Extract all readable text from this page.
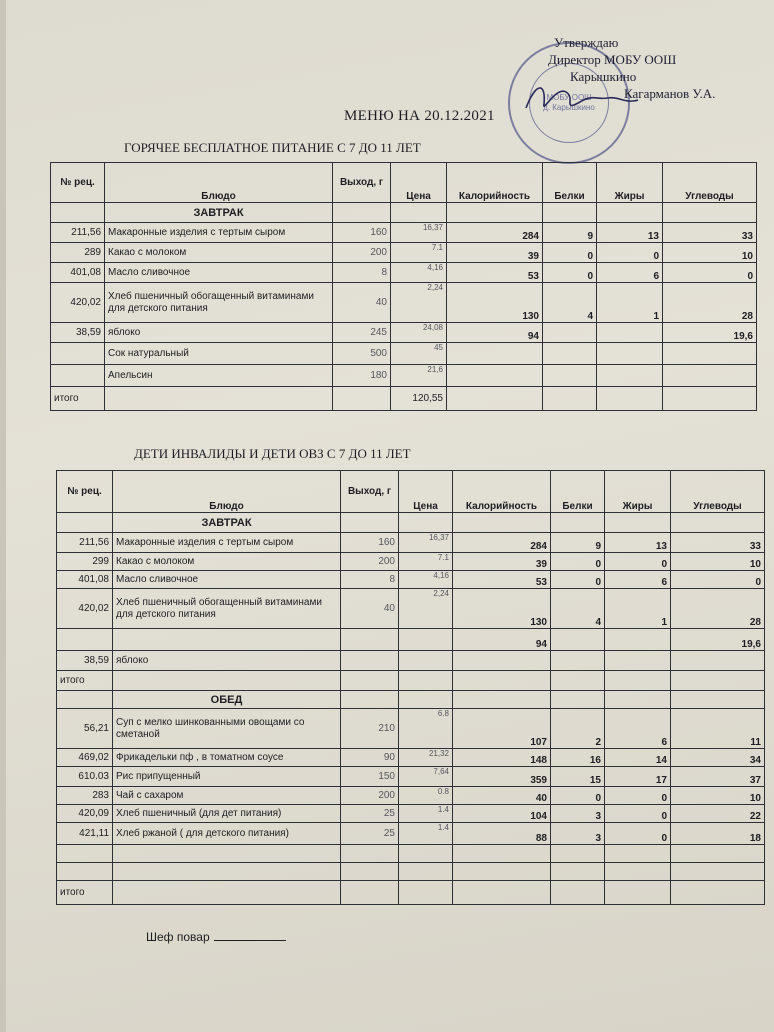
МОБУ ООШ
д. Карышкино
Утверждаю
Директор МОБУ ООШ
Карышкино
Кагарманов У.А.
МЕНЮ НА 20.12.2021
ГОРЯЧЕЕ БЕСПЛАТНОЕ ПИТАНИЕ С 7 ДО 11 ЛЕТ
№ рец.	Блюдо	Выход, г	Цена	Калорийность	Белки	Жиры	Углеводы
	ЗАВТРАК						
211,56	Макаронные изделия с тертым сыром	160	16,37	284	9	13	33
289	Какао с молоком	200	7.1	39	0	0	10
401,08	Масло сливочное	8	4,16	53	0	6	0
420,02	Хлеб пшеничный обогащенный витаминами для детского питания	40	2,24	130	4	1	28
38,59	яблоко	245	24,08	94			19,6
	Сок натуральный	500	45				
	Апельсин	180	21,6				
итого			120,55				
ДЕТИ ИНВАЛИДЫ И ДЕТИ ОВЗ С 7 ДО 11 ЛЕТ
№ рец.	Блюдо	Выход, г	Цена	Калорийность	Белки	Жиры	Углеводы
	ЗАВТРАК						
211,56	Макаронные изделия с тертым сыром	160	16,37	284	9	13	33
299	Какао с молоком	200	7.1	39	0	0	10
401,08	Масло сливочное	8	4,16	53	0	6	0
420,02	Хлеб пшеничный обогащенный витаминами для детского питания	40	2,24	130	4	1	28
				94			19,6
38,59	яблоко						
итого							
	ОБЕД						
56,21	Суп с мелко шинкованными овощами со сметаной	210	6.8	107	2	6	11
469,02	Фрикадельки пф , в томатном соусе	90	21,32	148	16	14	34
610.03	Рис припущенный	150	7,64	359	15	17	37
283	Чай с сахаром	200	0.8	40	0	0	10
420,09	Хлеб пшеничный (для дет питания)	25	1.4	104	3	0	22
421,11	Хлеб ржаной ( для детского питания)	25	1.4	88	3	0	18

итого							
Шеф повар
